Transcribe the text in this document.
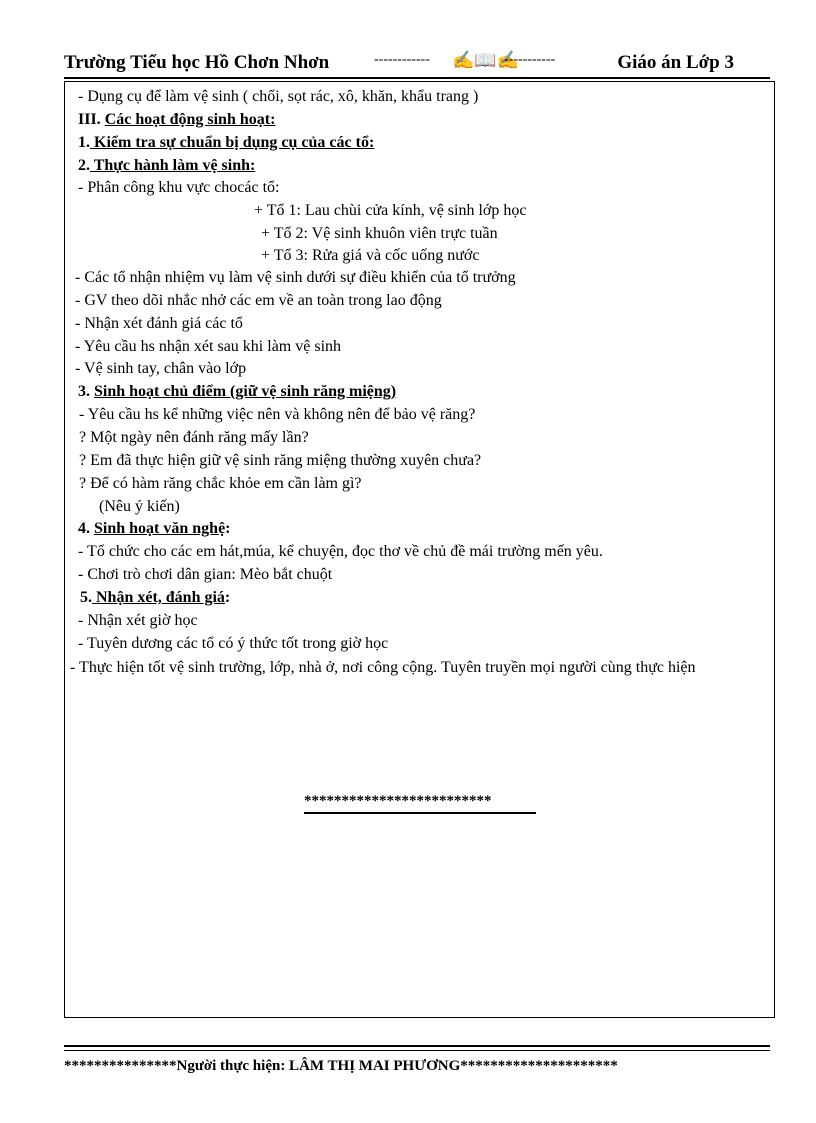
Trường Tiểu học Hồ Chơn Nhơn	------------ ✍📖✍
-----------	Giáo án Lớp 3
- Dụng cụ để làm vệ sinh ( chổi, sọt rác, xô, khăn, khẩu trang )
III. Các hoạt động sinh hoạt:
1. Kiểm tra sự chuẩn bị dụng cụ của các tổ:
2. Thực hành làm vệ sinh:
- Phân công khu vực chocác tổ:
+ Tổ 1: Lau chùi cửa kính, vệ sinh lớp học
+ Tổ 2: Vệ sinh khuôn viên trực tuần
+ Tổ 3: Rửa giá và cốc uống nước
- Các tổ nhận nhiệm vụ làm vệ sinh dưới sự điều khiển của tổ trưởng
- GV theo dõi nhắc nhở các em về an toàn trong lao động
- Nhận xét đánh giá các tổ
- Yêu cầu hs nhận xét sau khi làm vệ sinh
- Vệ sinh tay, chân vào lớp
3. Sinh hoạt chủ điểm (giữ vệ sinh răng miệng)
- Yêu cầu hs kể những việc nên và không nên để bảo vệ răng?
? Một ngày nên đánh răng mấy lần?
? Em đã thực hiện giữ vệ sinh răng miệng thường xuyên chưa?
? Để có hàm răng chắc khỏe em cần làm gì?
(Nêu ý kiến)
4. Sinh hoạt văn nghệ:
- Tổ chức cho các em hát,múa, kể chuyện, đọc thơ về chủ đề mái trường mến yêu.
- Chơi trò chơi dân gian: Mèo bắt chuột
5. Nhận xét, đánh giá:
- Nhận xét giờ học
- Tuyên dương các tổ có ý thức tốt trong giờ học
- Thực hiện tốt vệ sinh trường, lớp, nhà ở, nơi công cộng. Tuyên truyền mọi người cùng thực hiện
*************************
***************Người thực hiện: LÂM THỊ MAI PHƯƠNG*********************
